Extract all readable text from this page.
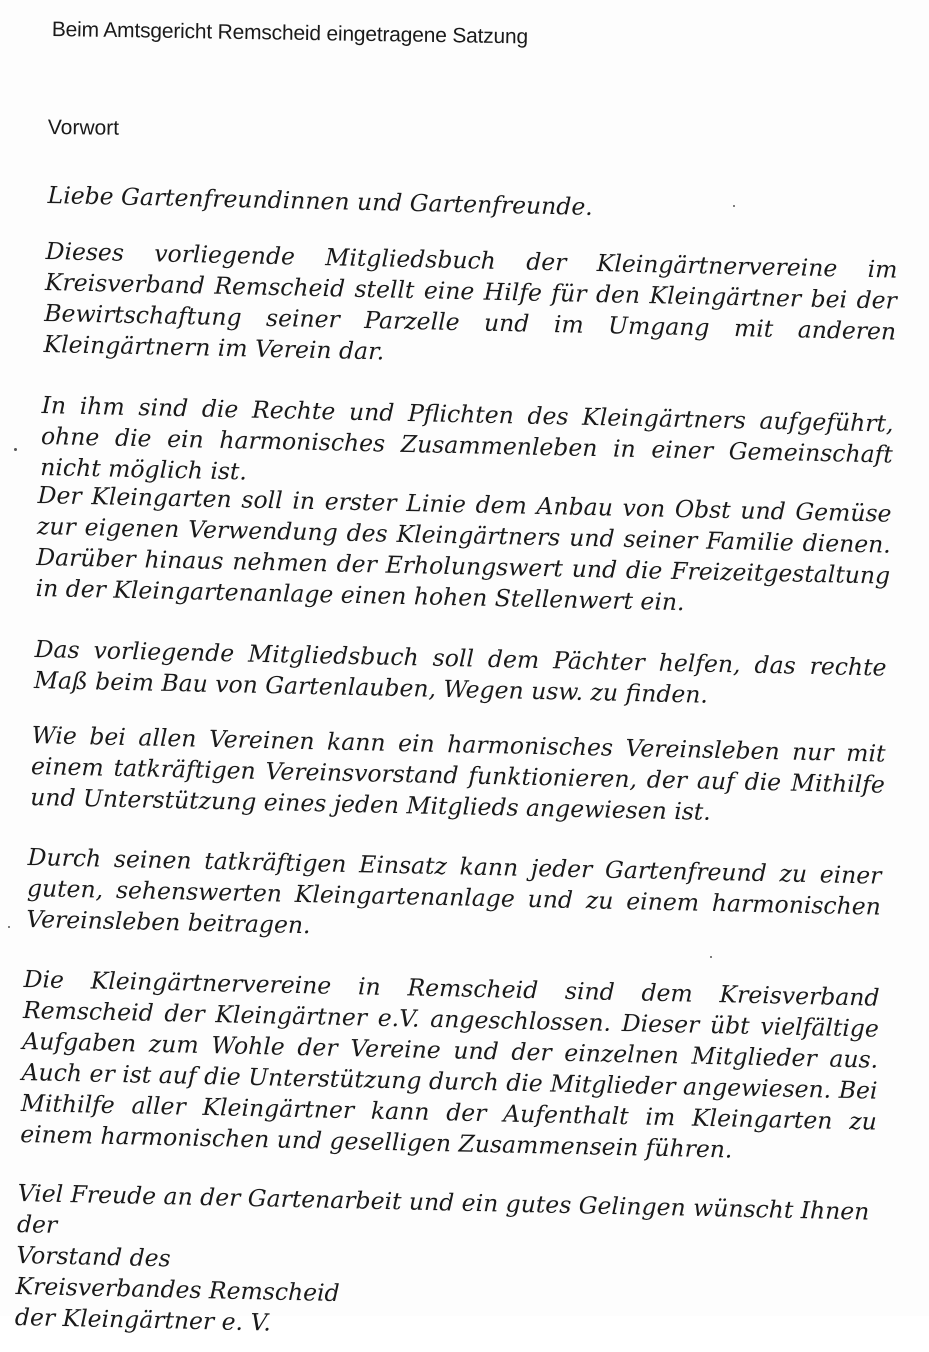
Beim Amtsgericht Remscheid eingetragene Satzung
Vorwort

Liebe Gartenfreundinnen und Gartenfreunde.

Dieses vorliegende Mitgliedsbuch der Kleingärtnervereine im Kreisverband Remscheid stellt eine Hilfe für den Kleingärtner bei der Bewirtschaftung seiner Parzelle und im Umgang mit anderen Kleingärtnern im Verein dar.

In ihm sind die Rechte und Pflichten des Kleingärtners aufgeführt, ohne die ein harmonisches Zusammenleben in einer Gemeinschaft nicht möglich ist.

Der Kleingarten soll in erster Linie dem Anbau von Obst und Gemüse zur eigenen Verwendung des Kleingärtners und seiner Familie dienen. Darüber hinaus nehmen der Erholungswert und die Freizeitgestaltung in der Kleingartenanlage einen hohen Stellenwert ein.

Das vorliegende Mitgliedsbuch soll dem Pächter helfen, das rechte Maß beim Bau von Gartenlauben, Wegen usw. zu finden.

Wie bei allen Vereinen kann ein harmonisches Vereinsleben nur mit einem tatkräftigen Vereinsvorstand funktionieren, der auf die Mithilfe und Unterstützung eines jeden Mitglieds angewiesen ist.

Durch seinen tatkräftigen Einsatz kann jeder Gartenfreund zu einer guten, sehenswerten Kleingartenanlage und zu einem harmonischen Vereinsleben beitragen.

Die Kleingärtnervereine in Remscheid sind dem Kreisverband Remscheid der Kleingärtner e.V. angeschlossen. Dieser übt vielfältige Aufgaben zum Wohle der Vereine und der einzelnen Mitglieder aus. Auch er ist auf die Unterstützung durch die Mitglieder angewiesen. Bei Mithilfe aller Kleingärtner kann der Aufenthalt im Kleingarten zu einem harmonischen und geselligen Zusammensein führen.

Viel Freude an der Gartenarbeit und ein gutes Gelingen wünscht Ihnen der
Vorstand des
Kreisverbandes Remscheid
der Kleingärtner e. V.
